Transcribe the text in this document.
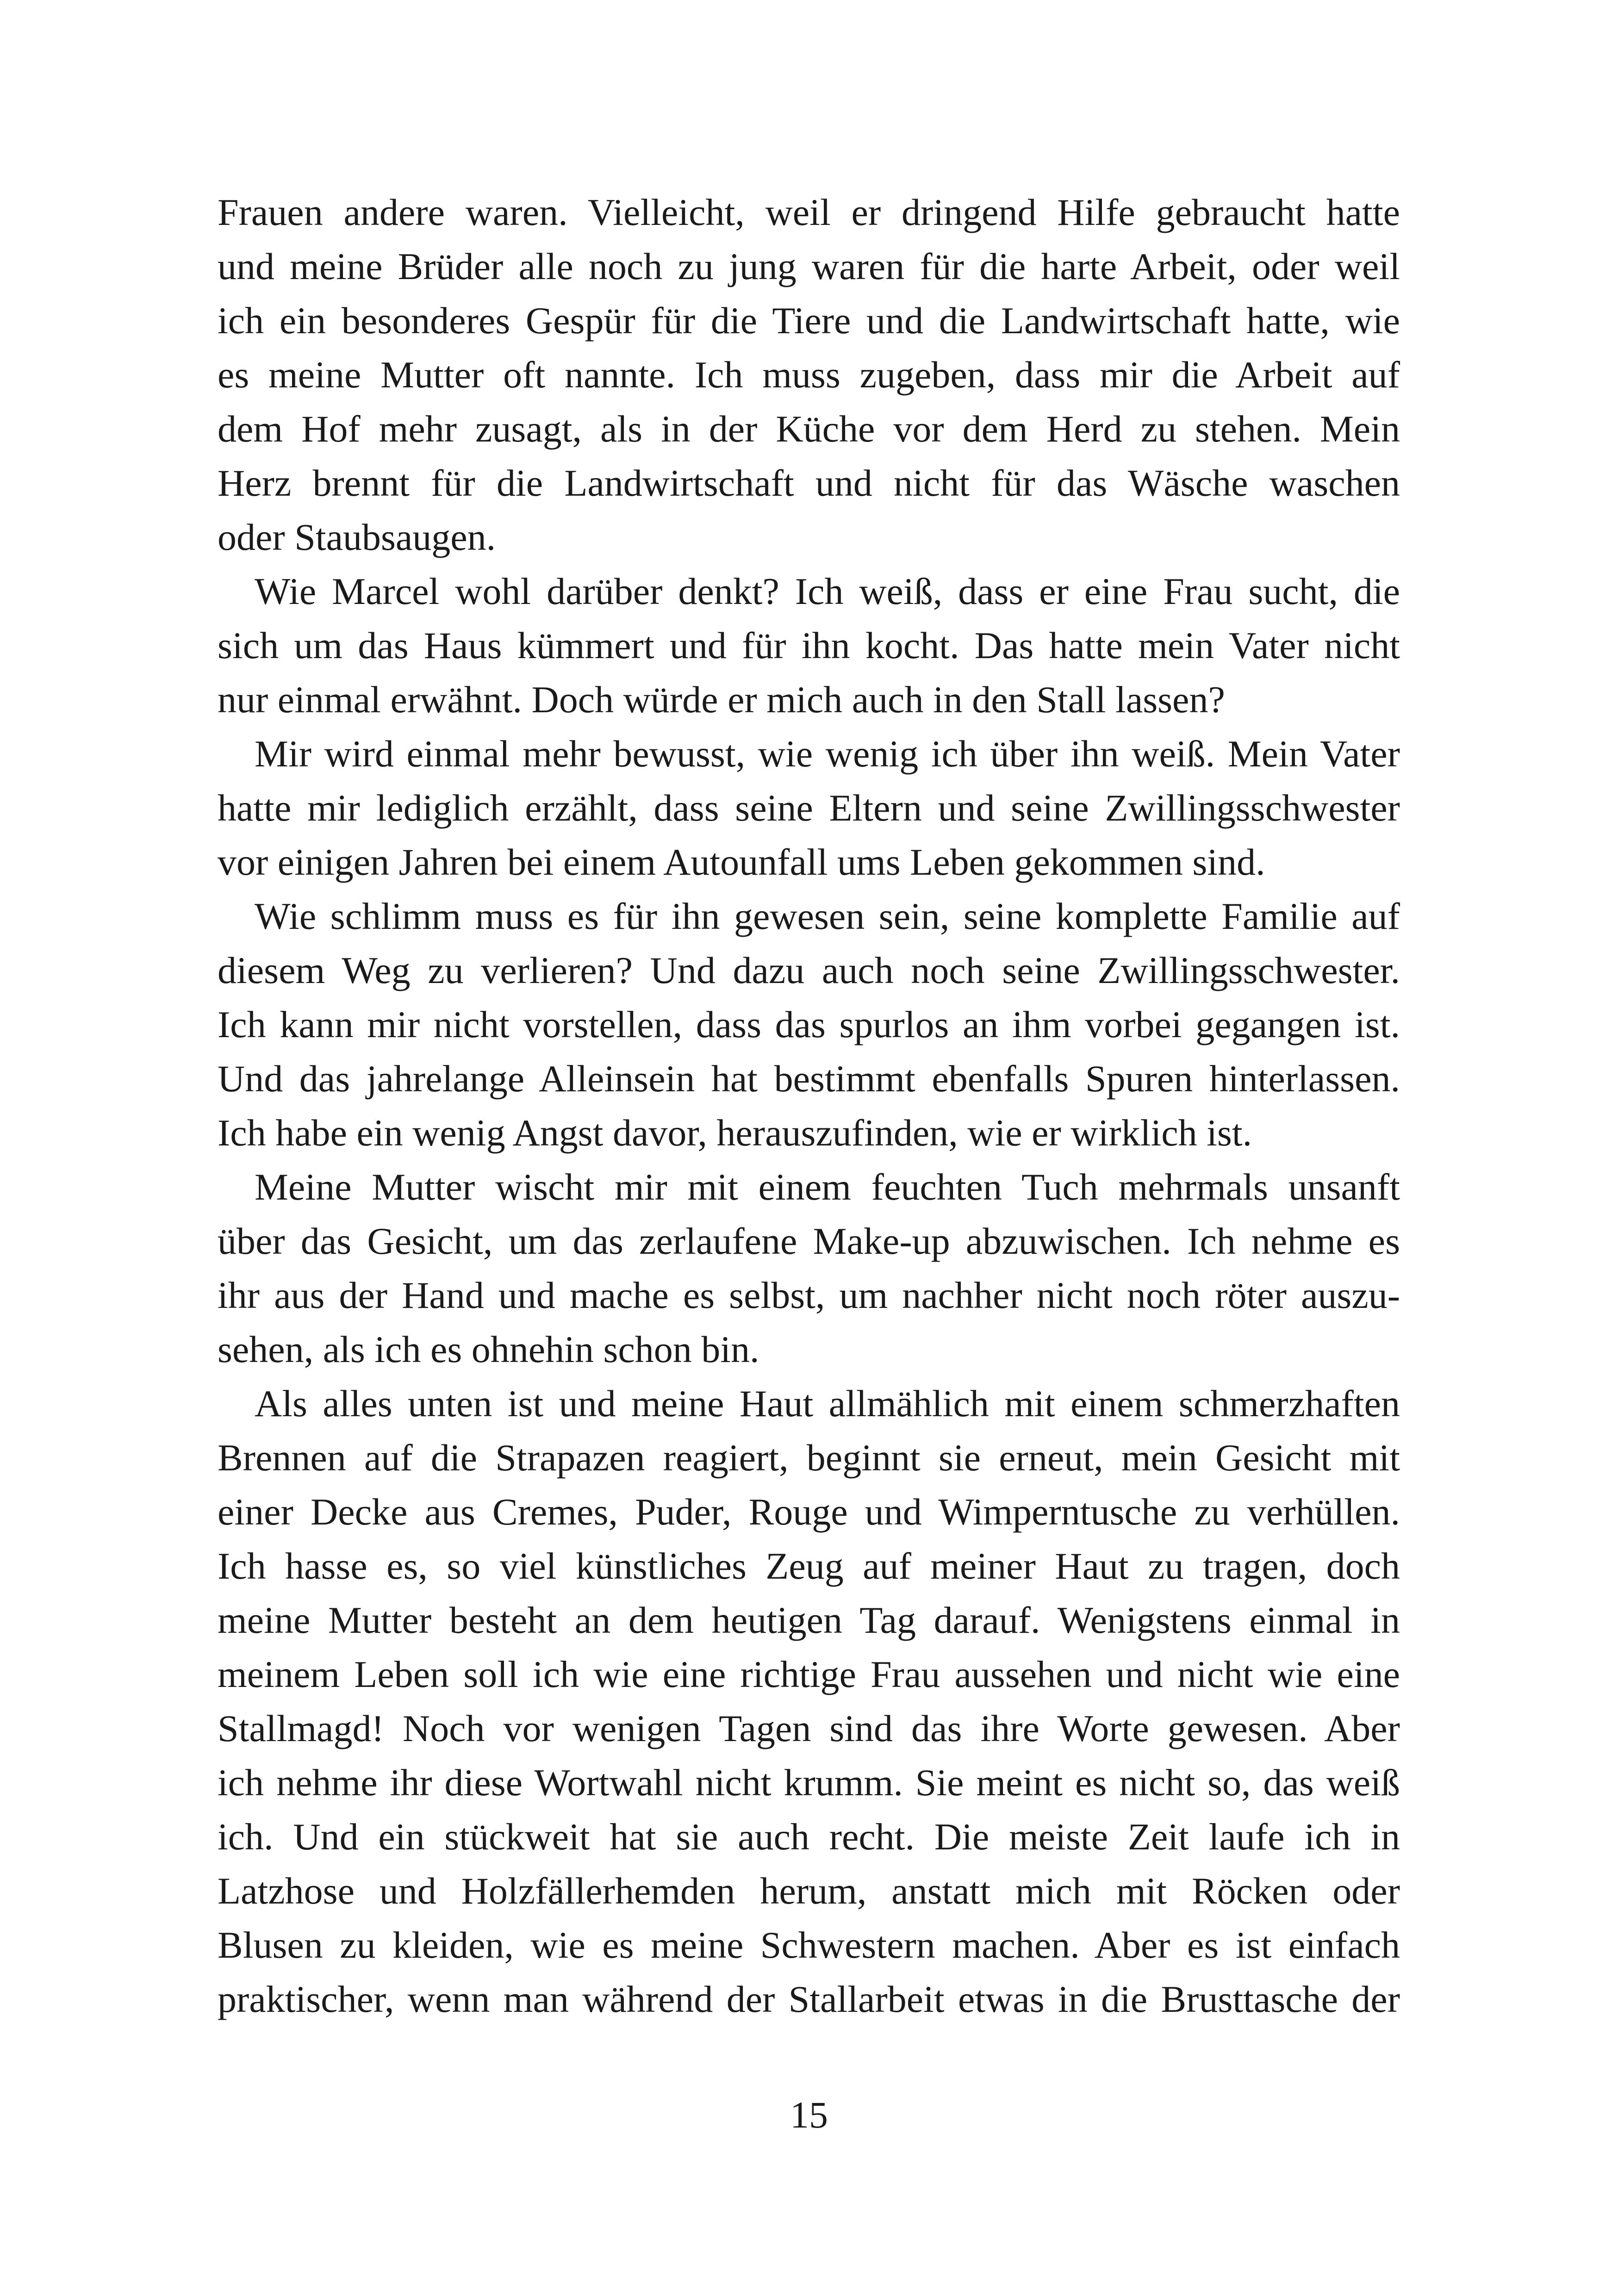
Frauen andere waren. Vielleicht, weil er dringend Hilfe gebraucht hatte
und meine Brüder alle noch zu jung waren für die harte Arbeit, oder weil
ich ein besonderes Gespür für die Tiere und die Landwirtschaft hatte, wie
es meine Mutter oft nannte. Ich muss zugeben, dass mir die Arbeit auf
dem Hof mehr zusagt, als in der Küche vor dem Herd zu stehen. Mein
Herz brennt für die Landwirtschaft und nicht für das Wäsche waschen
oder Staubsaugen.
Wie Marcel wohl darüber denkt? Ich weiß, dass er eine Frau sucht, die
sich um das Haus kümmert und für ihn kocht. Das hatte mein Vater nicht
nur einmal erwähnt. Doch würde er mich auch in den Stall lassen?
Mir wird einmal mehr bewusst, wie wenig ich über ihn weiß. Mein Vater
hatte mir lediglich erzählt, dass seine Eltern und seine Zwillingsschwester
vor einigen Jahren bei einem Autounfall ums Leben gekommen sind.
Wie schlimm muss es für ihn gewesen sein, seine komplette Familie auf
diesem Weg zu verlieren? Und dazu auch noch seine Zwillingsschwester.
Ich kann mir nicht vorstellen, dass das spurlos an ihm vorbei gegangen ist.
Und das jahrelange Alleinsein hat bestimmt ebenfalls Spuren hinterlassen.
Ich habe ein wenig Angst davor, herauszufinden, wie er wirklich ist.
Meine Mutter wischt mir mit einem feuchten Tuch mehrmals unsanft
über das Gesicht, um das zerlaufene Make-up abzuwischen. Ich nehme es
ihr aus der Hand und mache es selbst, um nachher nicht noch röter auszu-
sehen, als ich es ohnehin schon bin.
Als alles unten ist und meine Haut allmählich mit einem schmerzhaften
Brennen auf die Strapazen reagiert, beginnt sie erneut, mein Gesicht mit
einer Decke aus Cremes, Puder, Rouge und Wimperntusche zu verhüllen.
Ich hasse es, so viel künstliches Zeug auf meiner Haut zu tragen, doch
meine Mutter besteht an dem heutigen Tag darauf. Wenigstens einmal in
meinem Leben soll ich wie eine richtige Frau aussehen und nicht wie eine
Stallmagd! Noch vor wenigen Tagen sind das ihre Worte gewesen. Aber
ich nehme ihr diese Wortwahl nicht krumm. Sie meint es nicht so, das weiß
ich. Und ein stückweit hat sie auch recht. Die meiste Zeit laufe ich in
Latzhose und Holzfällerhemden herum, anstatt mich mit Röcken oder
Blusen zu kleiden, wie es meine Schwestern machen. Aber es ist einfach
praktischer, wenn man während der Stallarbeit etwas in die Brusttasche der
15
